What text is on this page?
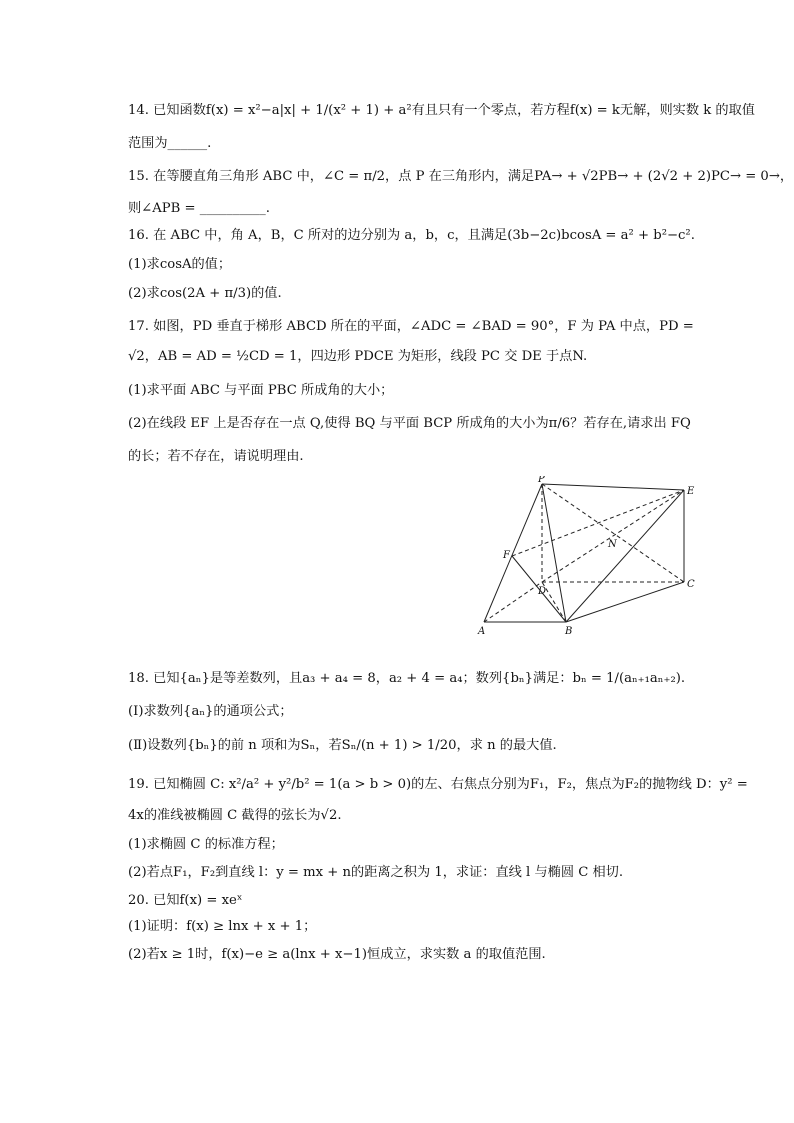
14. 已知函数f(x) = x²−a|x| + 1/(x² + 1) + a²有且只有一个零点，若方程f(x) = k无解，则实数 k 的取值
范围为______.
15. 在等腰直角三角形 ABC 中，∠C = π/2，点 P 在三角形内，满足PA→ + √2PB→ + (2√2 + 2)PC→ = 0→，
则∠APB = __________.
16. 在 ABC 中，角 A，B，C 所对的边分别为 a，b，c，且满足(3b−2c)bcosA = a² + b²−c².
(1)求cosA的值；
(2)求cos(2A + π/3)的值.
17. 如图，PD 垂直于梯形 ABCD 所在的平面，∠ADC = ∠BAD = 90°，F 为 PA 中点，PD =
√2，AB = AD = ½CD = 1，四边形 PDCE 为矩形，线段 PC 交 DE 于点N.
(1)求平面 ABC 与平面 PBC 所成角的大小；
(2)在线段 EF 上是否存在一点 Q,使得 BQ 与平面 BCP 所成角的大小为π/6？若存在,请求出 FQ
的长；若不存在，请说明理由.
P
E
F
N
D
C
A	B
18. 已知{aₙ}是等差数列，且a₃ + a₄ = 8，a₂ + 4 = a₄；数列{bₙ}满足：bₙ = 1/(aₙ₊₁aₙ₊₂).
(Ⅰ)求数列{aₙ}的通项公式；
(Ⅱ)设数列{bₙ}的前 n 项和为Sₙ，若Sₙ/(n + 1) > 1/20，求 n 的最大值.
19. 已知椭圆 C: x²/a² + y²/b² = 1(a > b > 0)的左、右焦点分别为F₁，F₂，焦点为F₂的抛物线 D：y² =
4x的准线被椭圆 C 截得的弦长为√2.
(1)求椭圆 C 的标准方程；
(2)若点F₁，F₂到直线 l：y = mx + n的距离之积为 1，求证：直线 l 与椭圆 C 相切.
20. 已知f(x) = xeˣ
(1)证明：f(x) ≥ lnx + x + 1；
(2)若x ≥ 1时，f(x)−e ≥ a(lnx + x−1)恒成立，求实数 a 的取值范围.
